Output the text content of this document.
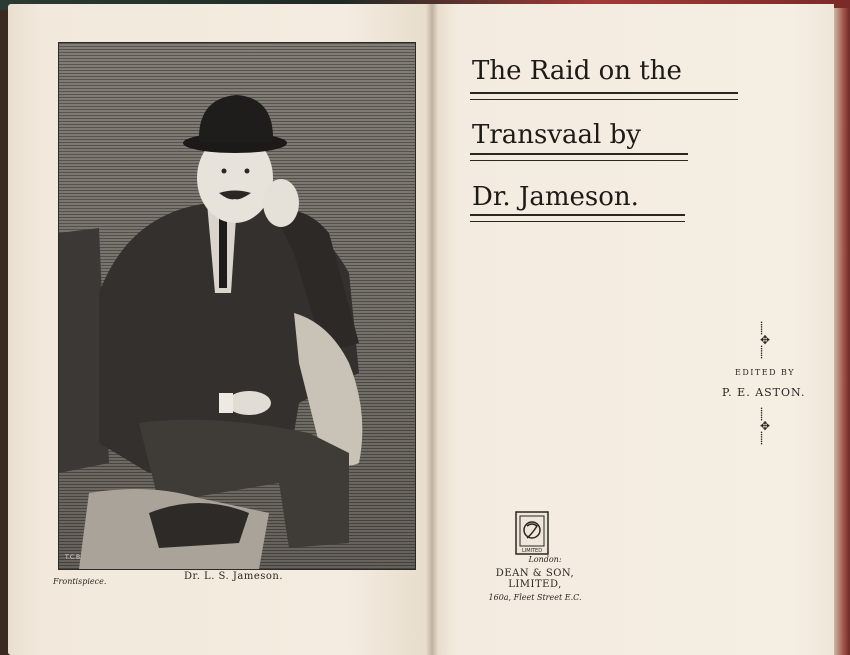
T.C.B.
Frontispiece.	Dr. L. S. Jameson.
The Raid on the
Transvaal by
Dr. Jameson.
⸽
✥
⸽
EDITED BY
P. E. ASTON.
⸽
✥
⸽
LIMITED
London:
DEAN & SON, LIMITED,
160a, Fleet Street E.C.
